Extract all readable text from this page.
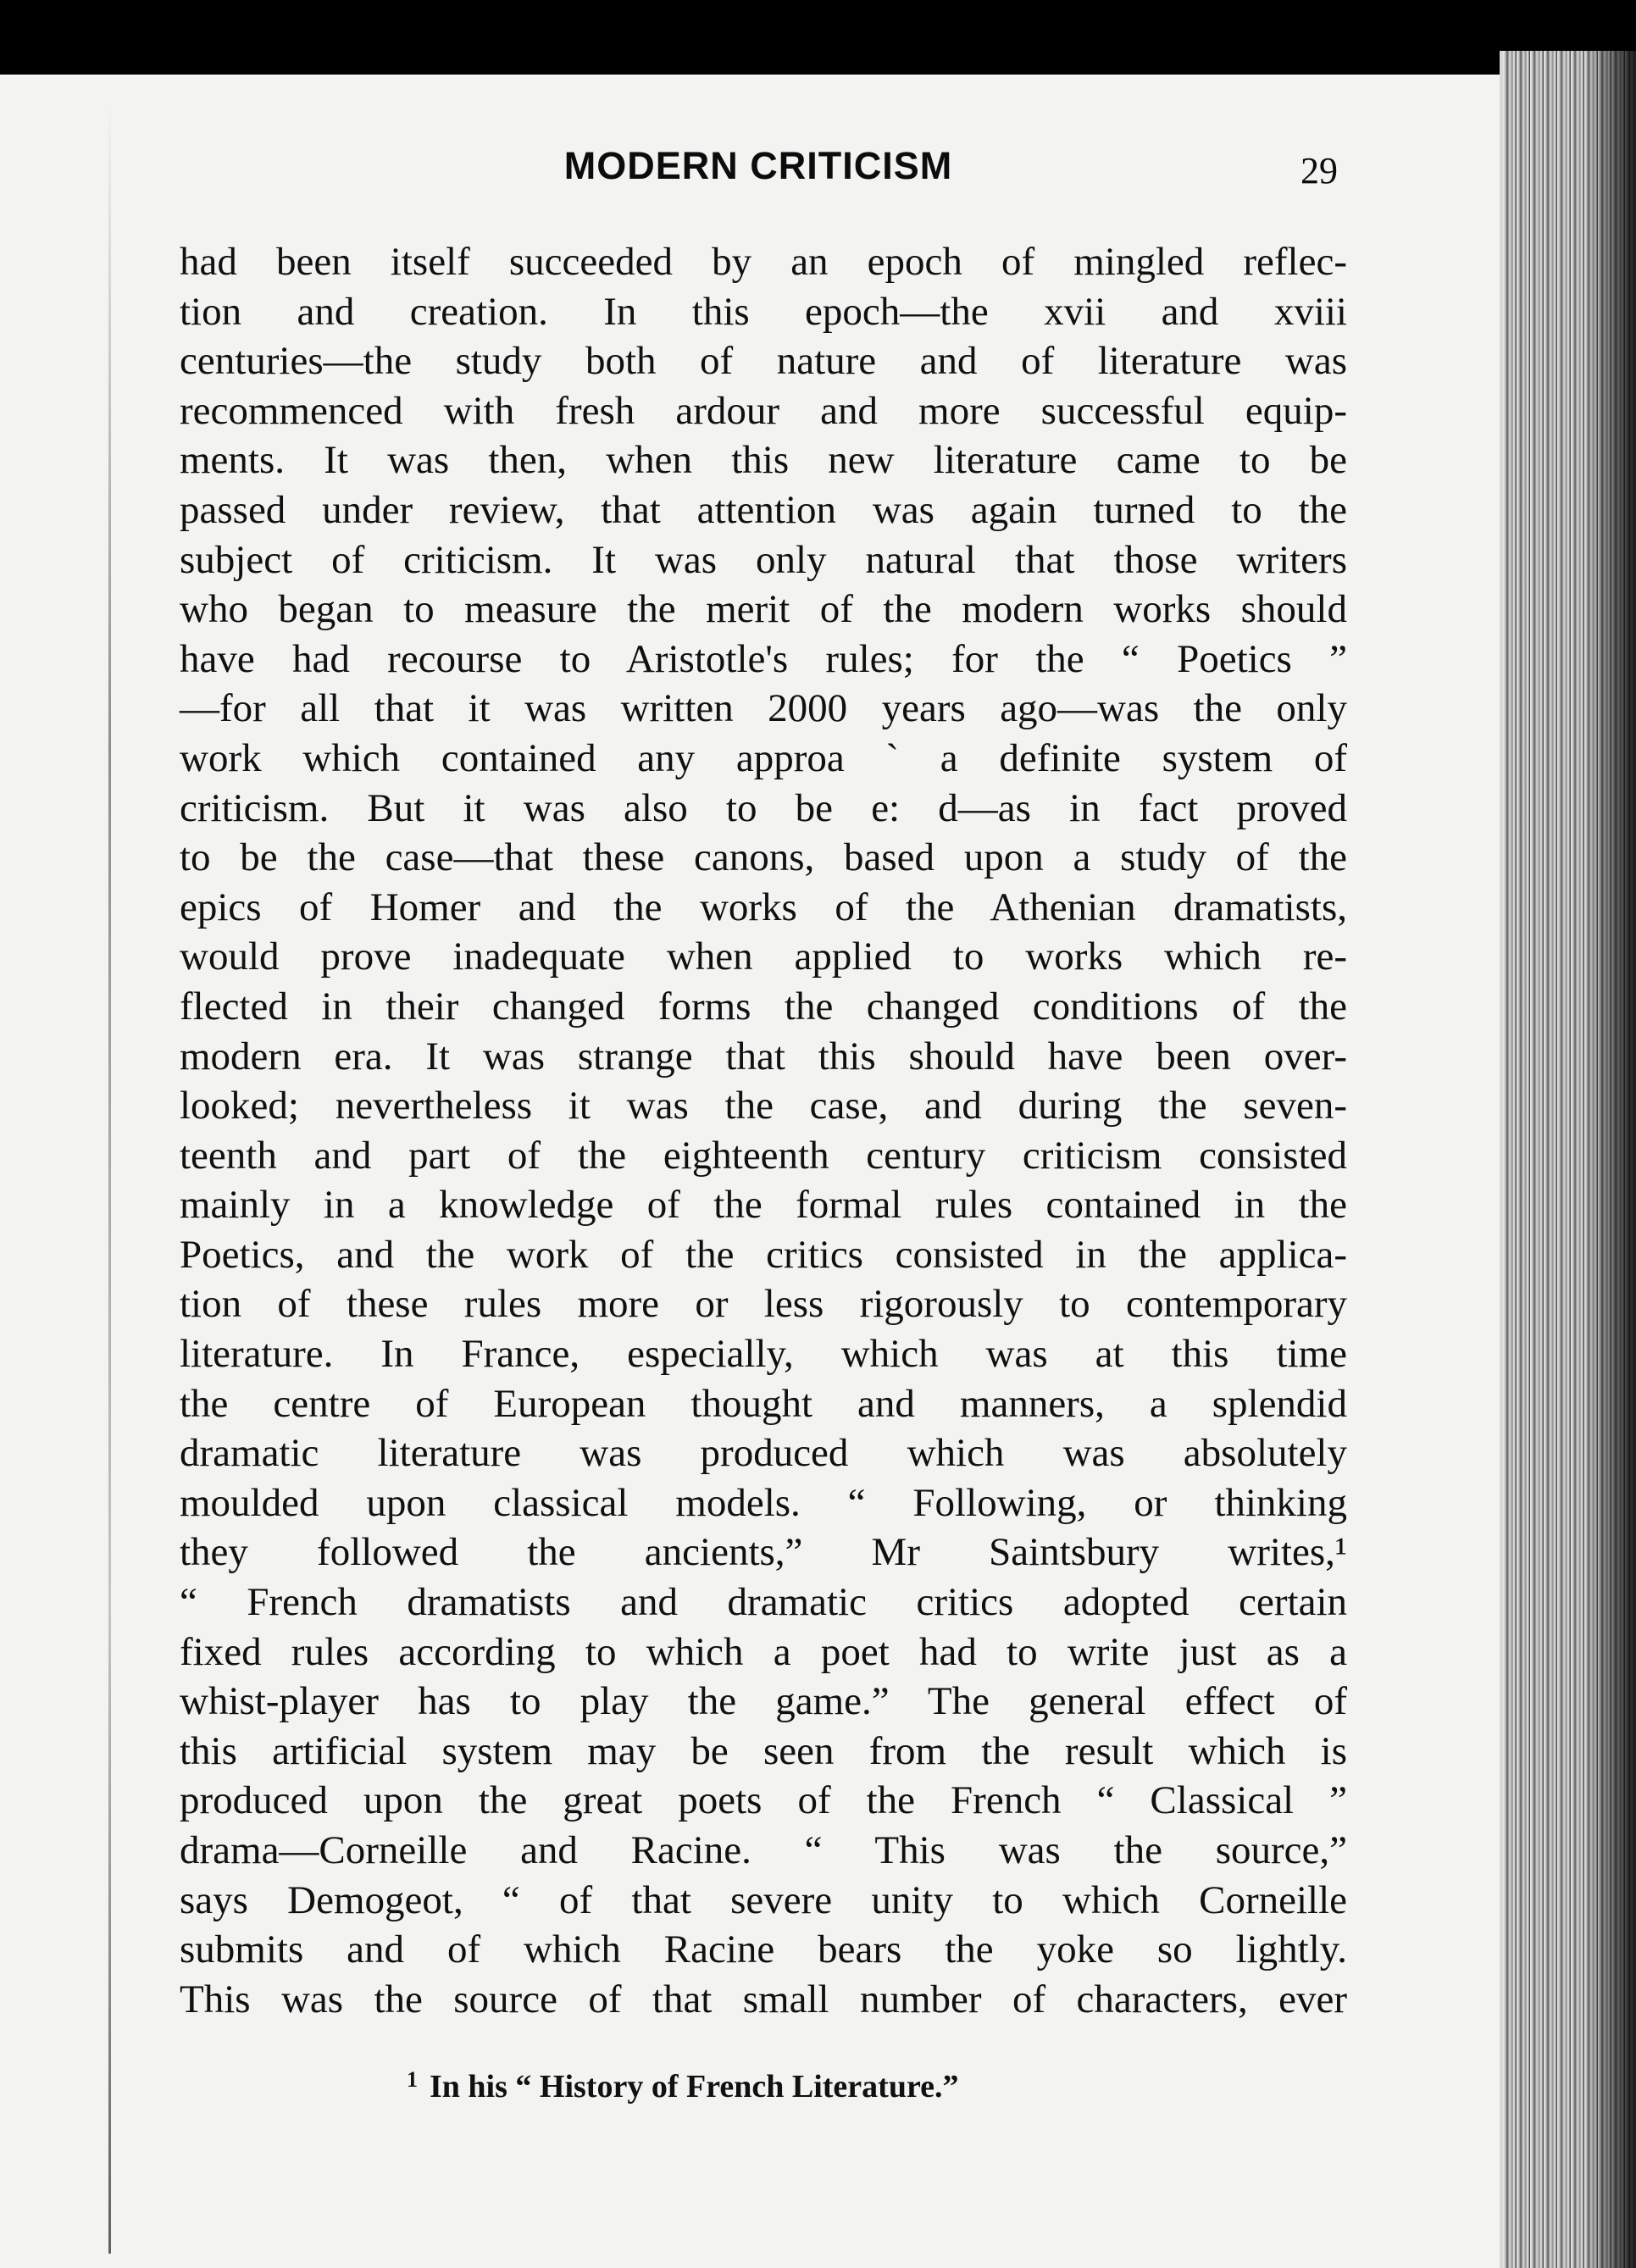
MODERN CRITICISM	29
had been itself succeeded by an epoch of mingled reflec-
tion and creation. In this epoch—the xvii and xviii
centuries—the study both of nature and of literature was
recommenced with fresh ardour and more successful equip-
ments. It was then, when this new literature came to be
passed under review, that attention was again turned to the
subject of criticism. It was only natural that those writers
who began to measure the merit of the modern works should
have had recourse to Aristotle's rules; for the “ Poetics ”
—for all that it was written 2000 years ago—was the only
work which contained any approa ` a definite system of
criticism. But it was also to be e: d—as in fact proved
to be the case—that these canons, based upon a study of the
epics of Homer and the works of the Athenian dramatists,
would prove inadequate when applied to works which re-
flected in their changed forms the changed conditions of the
modern era. It was strange that this should have been over-
looked; nevertheless it was the case, and during the seven-
teenth and part of the eighteenth century criticism consisted
mainly in a knowledge of the formal rules contained in the
Poetics, and the work of the critics consisted in the applica-
tion of these rules more or less rigorously to contemporary
literature. In France, especially, which was at this time
the centre of European thought and manners, a splendid
dramatic literature was produced which was absolutely
moulded upon classical models. “ Following, or thinking
they followed the ancients,” Mr Saintsbury writes,¹
“ French dramatists and dramatic critics adopted certain
fixed rules according to which a poet had to write just as a
whist-player has to play the game.” The general effect of
this artificial system may be seen from the result which is
produced upon the great poets of the French “ Classical ”
drama—Corneille and Racine. “ This was the source,”
says Demogeot, “ of that severe unity to which Corneille
submits and of which Racine bears the yoke so lightly.
This was the source of that small number of characters, ever

$^1$ In his “ History of French Literature.”
